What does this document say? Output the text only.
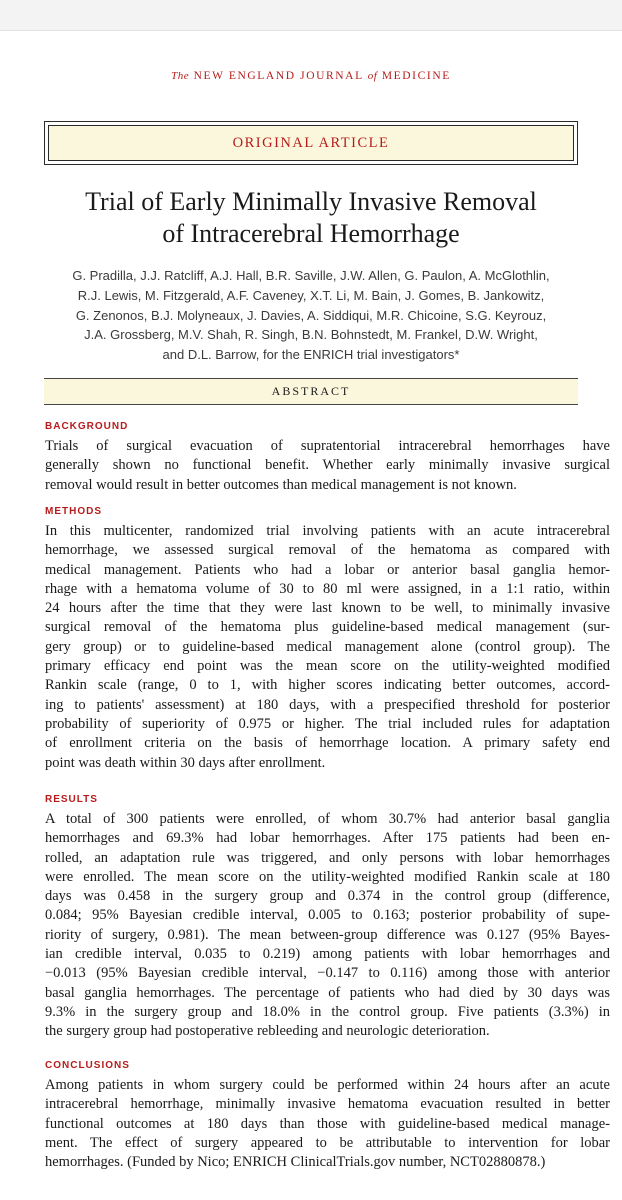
The NEW ENGLAND JOURNAL of MEDICINE
ORIGINAL ARTICLE
Trial of Early Minimally Invasive Removal
of Intracerebral Hemorrhage
G. Pradilla, J.J. Ratcliff, A.J. Hall, B.R. Saville, J.W. Allen, G. Paulon, A. McGlothlin,
R.J. Lewis, M. Fitzgerald, A.F. Caveney, X.T. Li, M. Bain, J. Gomes, B. Jankowitz,
G. Zenonos, B.J. Molyneaux, J. Davies, A. Siddiqui, M.R. Chicoine, S.G. Keyrouz,
J.A. Grossberg, M.V. Shah, R. Singh, B.N. Bohnstedt, M. Frankel, D.W. Wright,
and D.L. Barrow, for the ENRICH trial investigators*
ABSTRACT
BACKGROUND
Trials of surgical evacuation of supratentorial intracerebral hemorrhages have
generally shown no functional benefit. Whether early minimally invasive surgical
removal would result in better outcomes than medical management is not known.
METHODS
In this multicenter, randomized trial involving patients with an acute intracerebral
hemorrhage, we assessed surgical removal of the hematoma as compared with
medical management. Patients who had a lobar or anterior basal ganglia hemor-
rhage with a hematoma volume of 30 to 80 ml were assigned, in a 1:1 ratio, within
24 hours after the time that they were last known to be well, to minimally invasive
surgical removal of the hematoma plus guideline-based medical management (sur-
gery group) or to guideline-based medical management alone (control group). The
primary efficacy end point was the mean score on the utility-weighted modified
Rankin scale (range, 0 to 1, with higher scores indicating better outcomes, accord-
ing to patients' assessment) at 180 days, with a prespecified threshold for posterior
probability of superiority of 0.975 or higher. The trial included rules for adaptation
of enrollment criteria on the basis of hemorrhage location. A primary safety end
point was death within 30 days after enrollment.
RESULTS
A total of 300 patients were enrolled, of whom 30.7% had anterior basal ganglia
hemorrhages and 69.3% had lobar hemorrhages. After 175 patients had been en-
rolled, an adaptation rule was triggered, and only persons with lobar hemorrhages
were enrolled. The mean score on the utility-weighted modified Rankin scale at 180
days was 0.458 in the surgery group and 0.374 in the control group (difference,
0.084; 95% Bayesian credible interval, 0.005 to 0.163; posterior probability of supe-
riority of surgery, 0.981). The mean between-group difference was 0.127 (95% Bayes-
ian credible interval, 0.035 to 0.219) among patients with lobar hemorrhages and
−0.013 (95% Bayesian credible interval, −0.147 to 0.116) among those with anterior
basal ganglia hemorrhages. The percentage of patients who had died by 30 days was
9.3% in the surgery group and 18.0% in the control group. Five patients (3.3%) in
the surgery group had postoperative rebleeding and neurologic deterioration.
CONCLUSIONS
Among patients in whom surgery could be performed within 24 hours after an acute
intracerebral hemorrhage, minimally invasive hematoma evacuation resulted in better
functional outcomes at 180 days than those with guideline-based medical manage-
ment. The effect of surgery appeared to be attributable to intervention for lobar
hemorrhages. (Funded by Nico; ENRICH ClinicalTrials.gov number, NCT02880878.)
